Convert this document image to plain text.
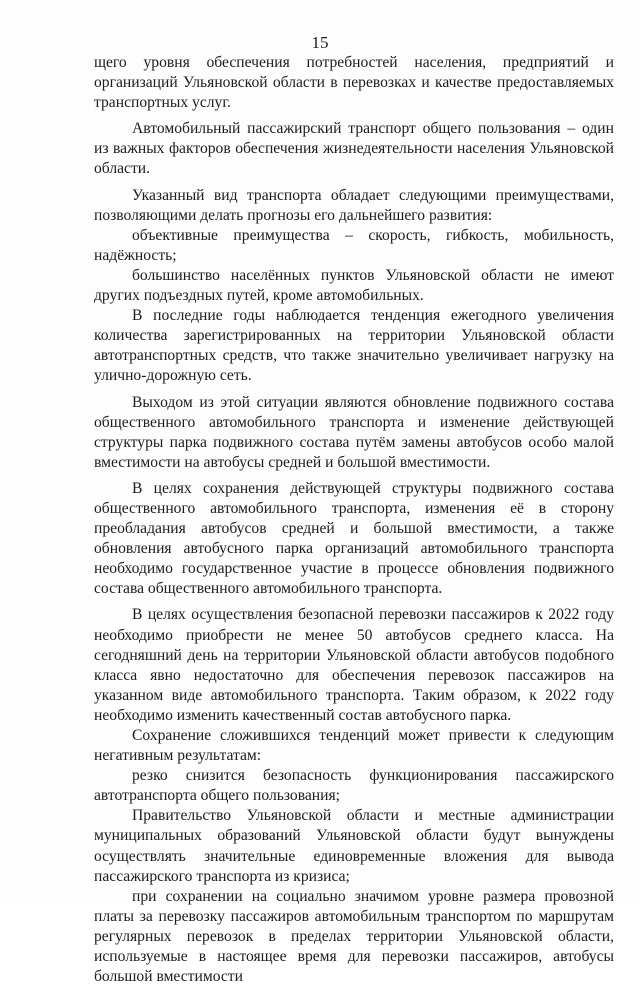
15

щего уровня обеспечения потребностей населения, предприятий и организаций Ульяновской области в перевозках и качестве предоставляемых транспортных услуг.

Автомобильный пассажирский транспорт общего пользования – один из важных факторов обеспечения жизнедеятельности населения Ульяновской области.

Указанный вид транспорта обладает следующими преимуществами, позволяющими делать прогнозы его дальнейшего развития:

объективные преимущества – скорость, гибкость, мобильность, надёжность;

большинство населённых пунктов Ульяновской области не имеют других подъездных путей, кроме автомобильных.

В последние годы наблюдается тенденция ежегодного увеличения количества зарегистрированных на территории Ульяновской области автотранспортных средств, что также значительно увеличивает нагрузку на улично-дорожную сеть.

Выходом из этой ситуации являются обновление подвижного состава общественного автомобильного транспорта и изменение действующей структуры парка подвижного состава путём замены автобусов особо малой вместимости на автобусы средней и большой вместимости.

В целях сохранения действующей структуры подвижного состава общественного автомобильного транспорта, изменения её в сторону преобладания автобусов средней и большой вместимости, а также обновления автобусного парка организаций автомобильного транспорта необходимо государственное участие в процессе обновления подвижного состава общественного автомобильного транспорта.

В целях осуществления безопасной перевозки пассажиров к 2022 году необходимо приобрести не менее 50 автобусов среднего класса. На сегодняшний день на территории Ульяновской области автобусов подобного класса явно недостаточно для обеспечения перевозок пассажиров на указанном виде автомобильного транспорта. Таким образом, к 2022 году необходимо изменить качественный состав автобусного парка.

Сохранение сложившихся тенденций может привести к следующим негативным результатам:

резко снизится безопасность функционирования пассажирского автотранспорта общего пользования;

Правительство Ульяновской области и местные администрации муниципальных образований Ульяновской области будут вынуждены осуществлять значительные единовременные вложения для вывода пассажирского транспорта из кризиса;

при сохранении на социально значимом уровне размера провозной платы за перевозку пассажиров автомобильным транспортом по маршрутам регулярных перевозок в пределах территории Ульяновской области, используемые в настоящее время для перевозки пассажиров, автобусы большой вместимости
